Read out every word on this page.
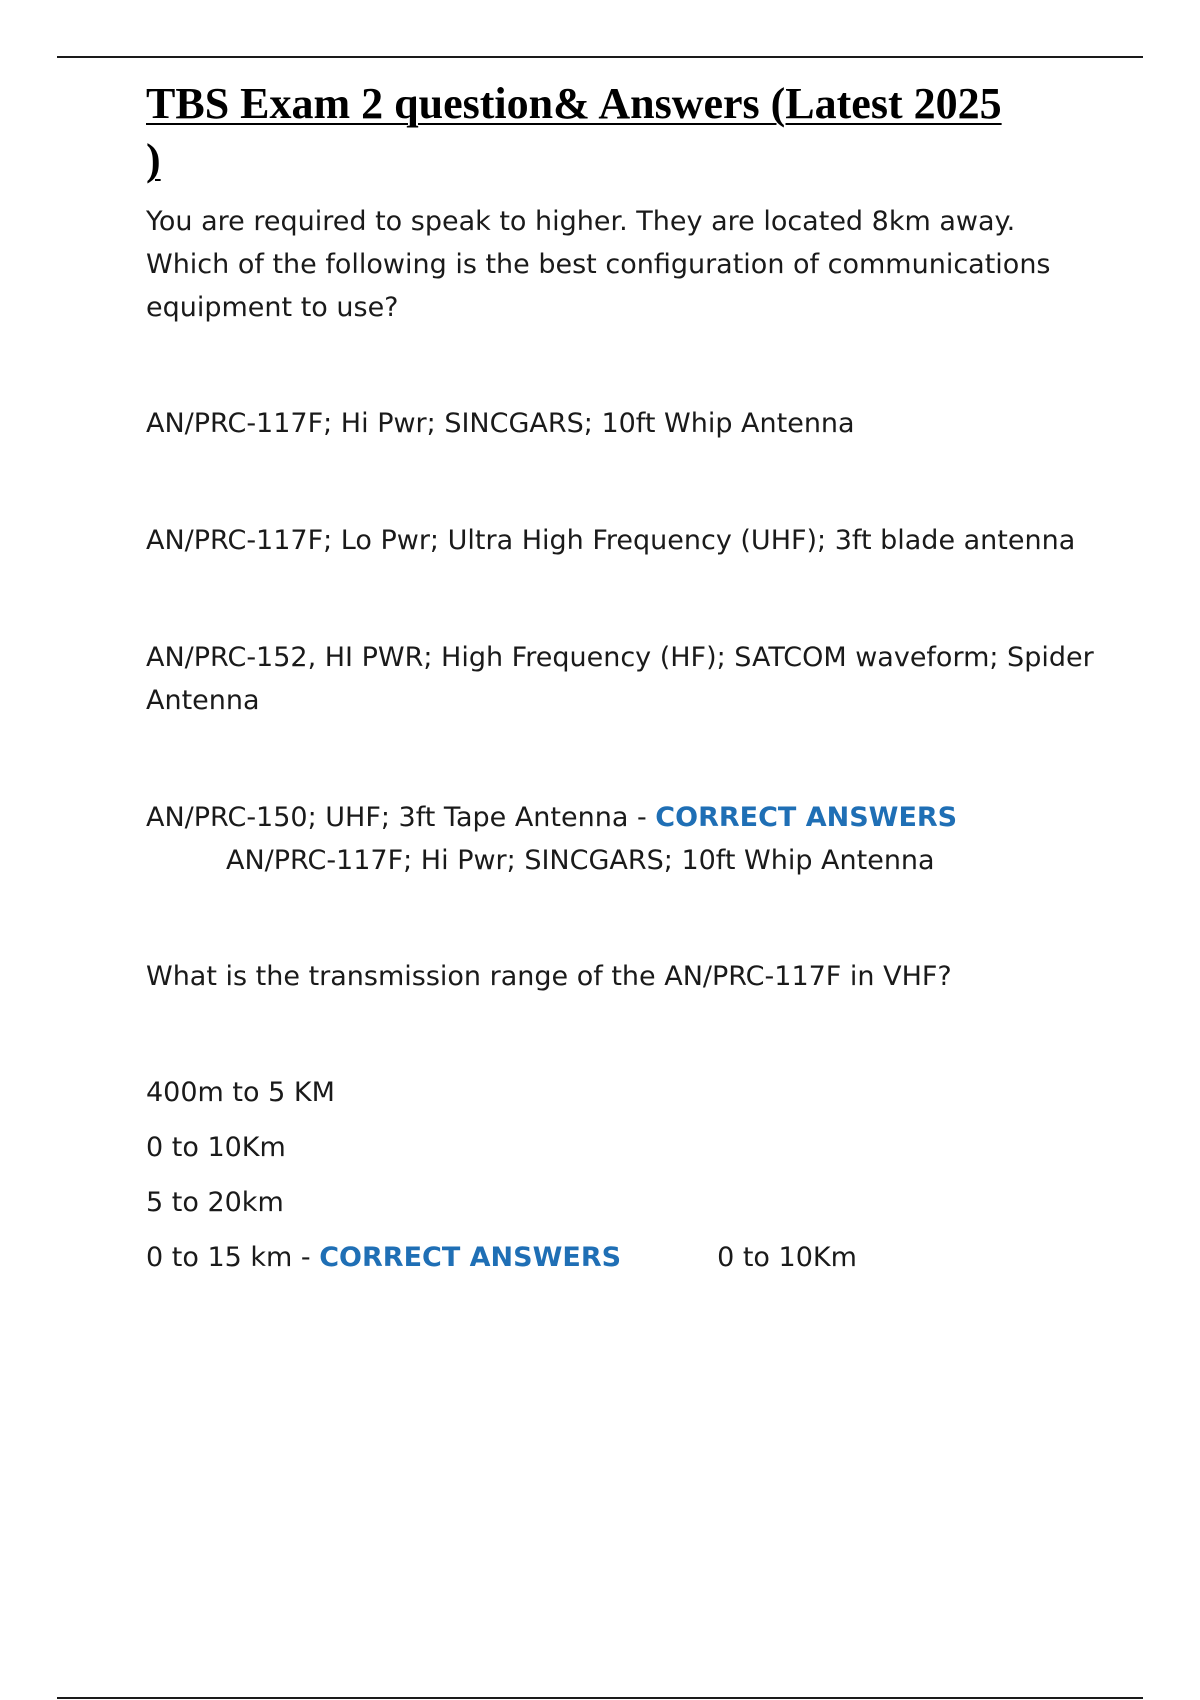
TBS Exam 2 question& Answers (Latest 2025 )

You are required to speak to higher. They are located 8km away. Which of the following is the best configuration of communications equipment to use?

AN/PRC-117F; Hi Pwr; SINCGARS; 10ft Whip Antenna

AN/PRC-117F; Lo Pwr; Ultra High Frequency (UHF); 3ft blade antenna

AN/PRC-152, HI PWR; High Frequency (HF); SATCOM waveform; Spider Antenna

AN/PRC-150; UHF; 3ft Tape Antenna - CORRECT ANSWERS
AN/PRC-117F; Hi Pwr; SINCGARS; 10ft Whip Antenna

What is the transmission range of the AN/PRC-117F in VHF?

400m to 5 KM

0 to 10Km

5 to 20km

0 to 15 km - CORRECT ANSWERS	0 to 10Km
